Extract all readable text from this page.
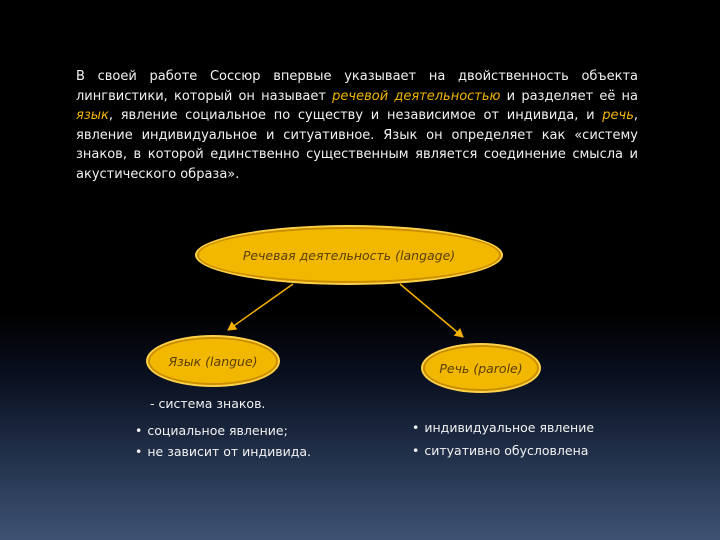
В своей работе Соссюр впервые указывает на двойственность объекта лингвистики, который он называет речевой деятельностью и разделяет её на язык, явление социальное по существу и независимое от индивида, и речь, явление индивидуальное и ситуативное. Язык он определяет как «систему знаков, в которой единственно существенным является соединение смысла и акустического образа».
Речевая деятельность (langage)
Язык (langue)	Речь (parole)
- система знаков.
• социальное явление;
• не зависит от индивида.
• индивидуальное явление
• ситуативно обусловлена
